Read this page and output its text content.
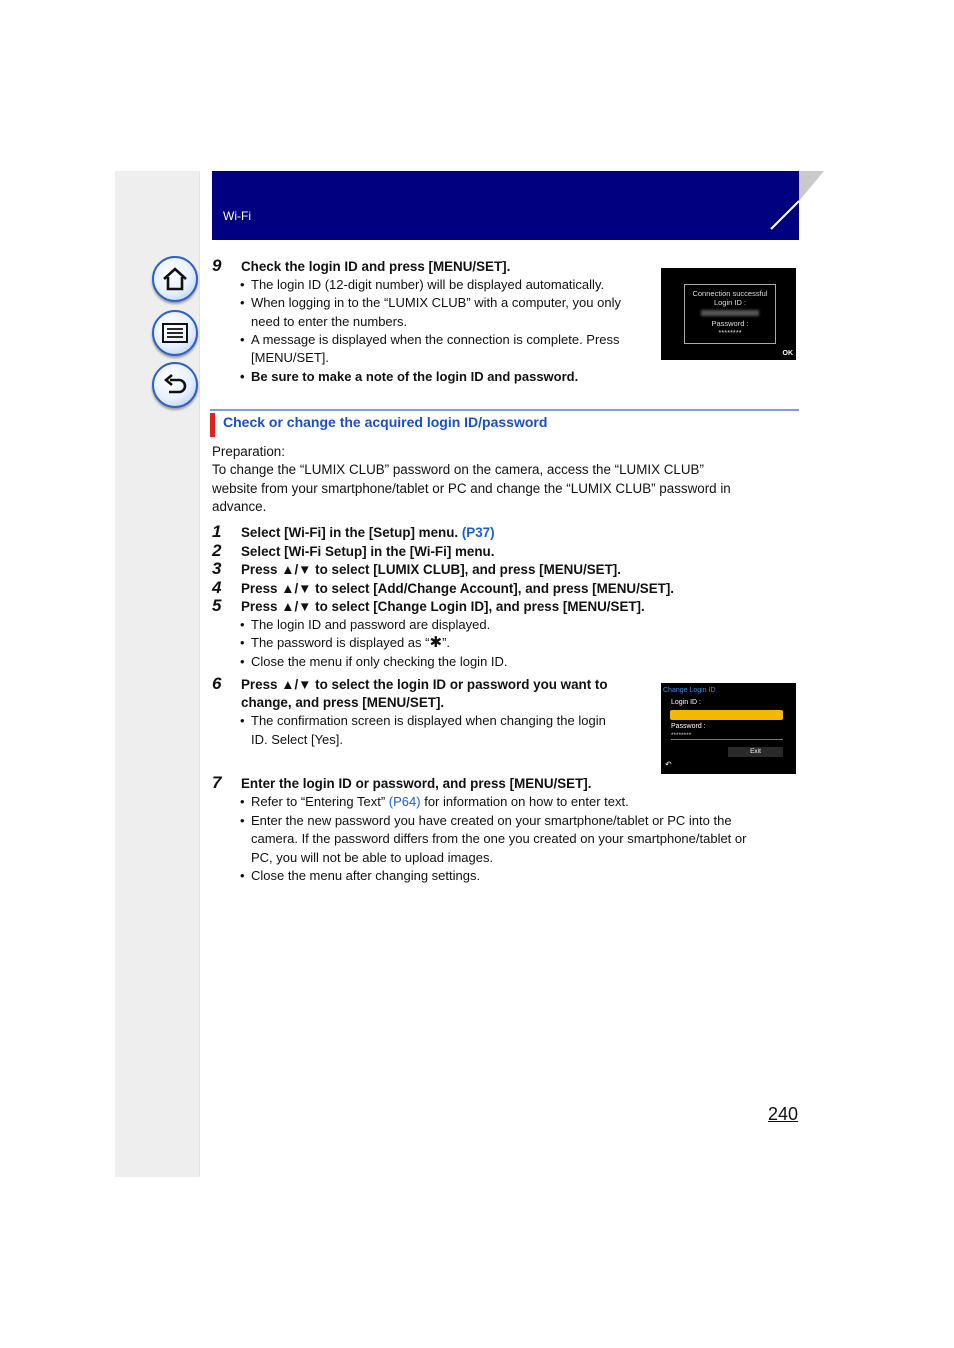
Wi-Fi
9 Check the login ID and press [MENU/SET].
• The login ID (12-digit number) will be displayed automatically.
• When logging in to the “LUMIX CLUB” with a computer, you only
need to enter the numbers.
• A message is displayed when the connection is complete. Press
[MENU/SET].
• Be sure to make a note of the login ID and password.
Connection successful
Login ID :
Password :
********
OK
Check or change the acquired login ID/password
Preparation:
To change the “LUMIX CLUB” password on the camera, access the “LUMIX CLUB”
website from your smartphone/tablet or PC and change the “LUMIX CLUB” password in
advance.
1 Select [Wi-Fi] in the [Setup] menu. (P37)
2 Select [Wi-Fi Setup] in the [Wi-Fi] menu.
3 Press ▲/▼ to select [LUMIX CLUB], and press [MENU/SET].
4 Press ▲/▼ to select [Add/Change Account], and press [MENU/SET].
5 Press ▲/▼ to select [Change Login ID], and press [MENU/SET].
• The login ID and password are displayed.
• The password is displayed as “✱”.
• Close the menu if only checking the login ID.
6 Press ▲/▼ to select the login ID or password you want to
change, and press [MENU/SET].
• The confirmation screen is displayed when changing the login
ID. Select [Yes].
Change Login ID
Login ID :
Password :
********
Exit
↶
7 Enter the login ID or password, and press [MENU/SET].
• Refer to “Entering Text” (P64) for information on how to enter text.
• Enter the new password you have created on your smartphone/tablet or PC into the
camera. If the password differs from the one you created on your smartphone/tablet or
PC, you will not be able to upload images.
• Close the menu after changing settings.
240
